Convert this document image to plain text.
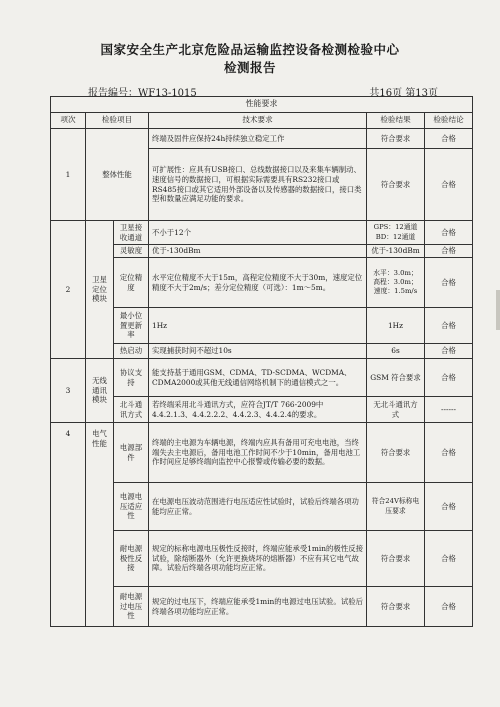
国家安全生产北京危险品运输监控设备检测检验中心
检测报告
报告编号：WF13-1015	共16页 第13页
性能要求					
项次	检验项目		技术要求	检验结果	检验结论
1	整体性能		终端及固件应保持24h持续独立稳定工作	符合要求	合格
			可扩展性：应具有USB接口、总线数据接口以及来集车辆制动、速度信号的数据接口，可根据实际需要具有RS232接口或RS485接口或其它适用外部设备以及传感器的数据接口，接口类型和数量应满足功能的要求。	符合要求	合格
2	卫星定位模块	卫星接收通道	不小于12个	GPS：12通道 BD：12通道	合格
		灵敏度	优于-130dBm	优于-130dBm	合格
		定位精度	水平定位精度不大于15m，高程定位精度不大于30m，速度定位精度不大于2m/s；差分定位精度（可选）：1m～5m。	水平：3.0m；高程：3.0m；速度：1.5m/s	合格
		最小位置更新率	1Hz	1Hz	合格
		热启动	实现捕获时间不超过10s	6s	合格
3	无线通讯模块	协议支持	能支持基于通用GSM、CDMA、TD-SCDMA、WCDMA、CDMA2000或其他无线通信网络机制下的通信模式之一。	GSM 符合要求	合格
		北斗通讯方式	若终端采用北斗通讯方式，应符合JT/T 766-2009中4.4.2.1.3、4.4.2.2.2、4.4.2.3、4.4.2.4的要求。	无北斗通讯方式	------
4	电气性能	电源部件	终端的主电源为车辆电源，终端内应具有备用可充电电池，当终端失去主电源后，备用电池工作时间不少于10min，备用电池工作时间应足够终端向监控中心报警或传输必要的数据。	符合要求	合格
		电源电压适应性	在电源电压波动范围进行电压适应性试验时，试验后终端各项功能均应正常。	符合24V标称电压要求	合格
		耐电源极性反接	规定的标称电源电压极性反接时，终端应能承受1min的极性反接试验，除熔断器外（允许更换烧坏的熔断器）不应有其它电气故障。试验后终端各项功能均应正常。	符合要求	合格
		耐电源过电压性	规定的过电压下，终端应能承受1min的电源过电压试验。试验后终端各项功能均应正常。	符合要求	合格
